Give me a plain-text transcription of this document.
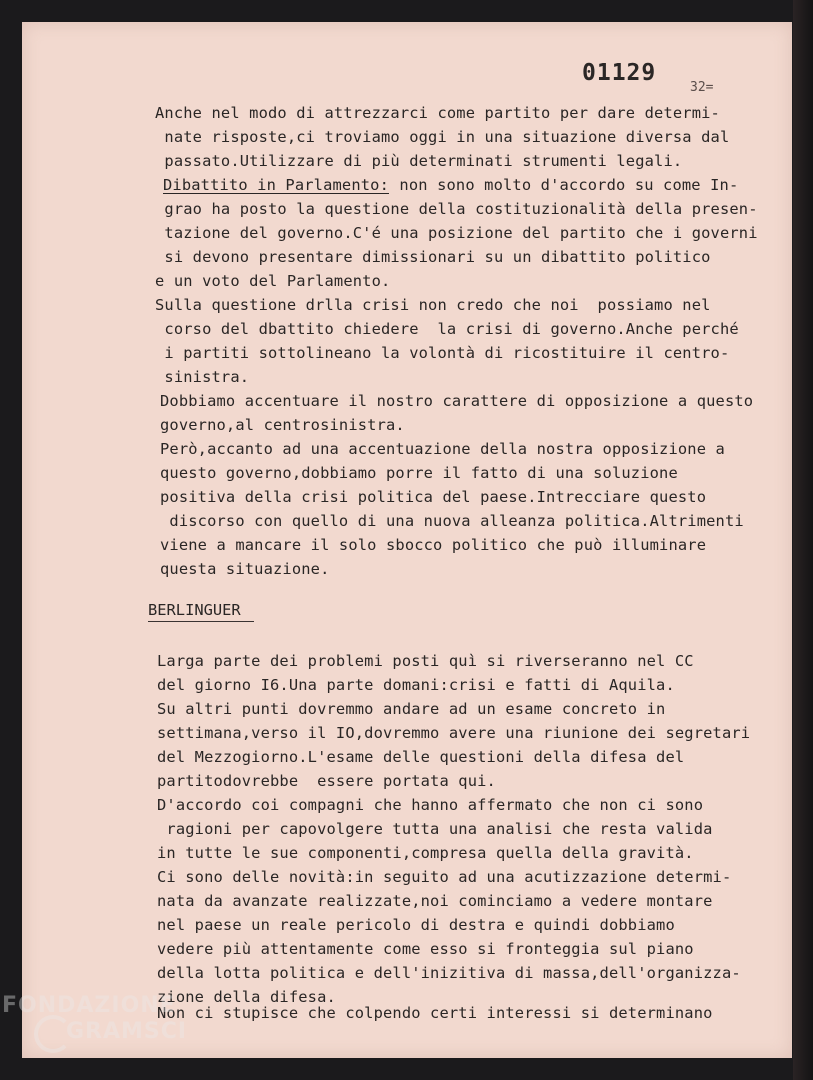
01129
32=
Anche nel modo di attrezzarci come partito per dare determi-
nate risposte,ci troviamo oggi in una situazione diversa dal
passato.Utilizzare di più determinati strumenti legali.
Dibattito in Parlamento: non sono molto d'accordo su come In-
grao ha posto la questione della costituzionalità della presen-
tazione del governo.C'é una posizione del partito che i governi
si devono presentare dimissionari su un dibattito politico
e un voto del Parlamento.
Sulla questione drlla crisi non credo che noi  possiamo nel
corso del dbattito chiedere  la crisi di governo.Anche perché
i partiti sottolineano la volontà di ricostituire il centro-
sinistra.
Dobbiamo accentuare il nostro carattere di opposizione a questo
governo,al centrosinistra.
Però,accanto ad una accentuazione della nostra opposizione a
questo governo,dobbiamo porre il fatto di una soluzione
positiva della crisi politica del paese.Intrecciare questo
discorso con quello di una nuova alleanza politica.Altrimenti
viene a mancare il solo sbocco politico che può illuminare
questa situazione.
BERLINGUER
Larga parte dei problemi posti quì si riverseranno nel CC
del giorno I6.Una parte domani:crisi e fatti di Aquila.
Su altri punti dovremmo andare ad un esame concreto in
settimana,verso il IO,dovremmo avere una riunione dei segretari
del Mezzogiorno.L'esame delle questioni della difesa del
partitodovrebbe  essere portata qui.
D'accordo coi compagni che hanno affermato che non ci sono
ragioni per capovolgere tutta una analisi che resta valida
in tutte le sue componenti,compresa quella della gravità.
Ci sono delle novità:in seguito ad una acutizzazione determi-
nata da avanzate realizzate,noi cominciamo a vedere montare
nel paese un reale pericolo di destra e quindi dobbiamo
vedere più attentamente come esso si fronteggia sul piano
della lotta politica e dell'inizitiva di massa,dell'organizza-
zione della difesa.
Non ci stupisce che colpendo certi interessi si determinano
FONDAZIONE
GRAMSCI
